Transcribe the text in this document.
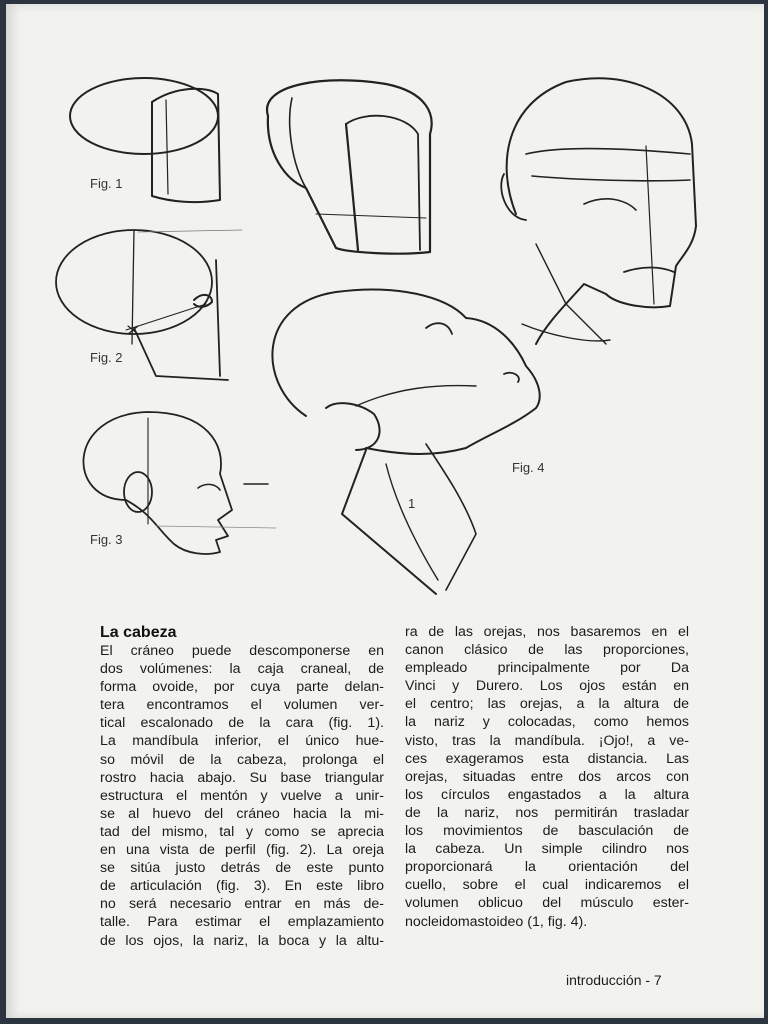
Fig. 1
Fig. 2
Fig. 3
Fig. 4
1
La cabeza
El cráneo puede descomponerse en
dos volúmenes: la caja craneal, de
forma ovoide, por cuya parte delan-
tera encontramos el volumen ver-
tical escalonado de la cara (fig. 1).
La mandíbula inferior, el único hue-
so móvil de la cabeza, prolonga el
rostro hacia abajo. Su base triangular
estructura el mentón y vuelve a unir-
se al huevo del cráneo hacia la mi-
tad del mismo, tal y como se aprecia
en una vista de perfil (fig. 2). La oreja
se sitúa justo detrás de este punto
de articulación (fig. 3). En este libro
no será necesario entrar en más de-
talle. Para estimar el emplazamiento
de los ojos, la nariz, la boca y la altu-
ra de las orejas, nos basaremos en el
canon clásico de las proporciones,
empleado principalmente por Da
Vinci y Durero. Los ojos están en
el centro; las orejas, a la altura de
la nariz y colocadas, como hemos
visto, tras la mandíbula. ¡Ojo!, a ve-
ces exageramos esta distancia. Las
orejas, situadas entre dos arcos con
los círculos engastados a la altura
de la nariz, nos permitirán trasladar
los movimientos de basculación de
la cabeza. Un simple cilindro nos
proporcionará la orientación del
cuello, sobre el cual indicaremos el
volumen oblicuo del músculo ester-
nocleidomastoideo (1, fig. 4).
introducción - 7
